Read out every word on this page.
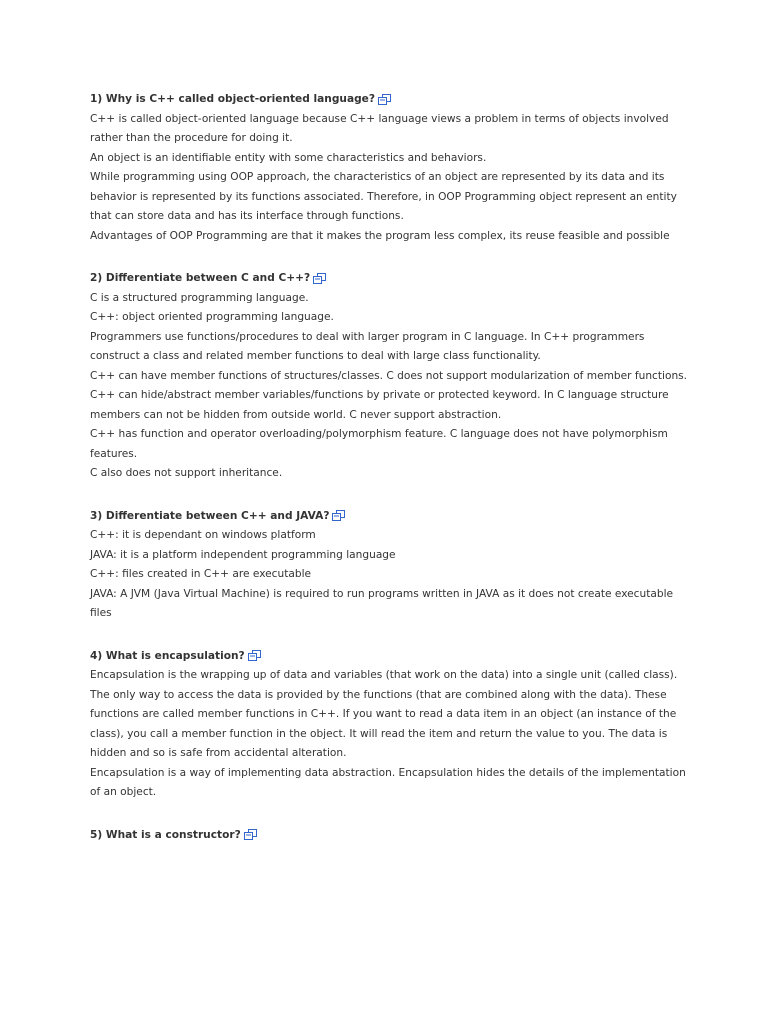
1) Why is C++ called object-oriented language?

C++ is called object-oriented language because C++ language views a problem in terms of objects involved rather than the procedure for doing it.

An object is an identifiable entity with some characteristics and behaviors.

While programming using OOP approach, the characteristics of an object are represented by its data and its behavior is represented by its functions associated. Therefore, in OOP Programming object represent an entity that can store data and has its interface through functions.

Advantages of OOP Programming are that it makes the program less complex, its reuse feasible and possible

2) Differentiate between C and C++?

C is a structured programming language.

C++: object oriented programming language.

Programmers use functions/procedures to deal with larger program in C language. In C++ programmers construct a class and related member functions to deal with large class functionality.

C++ can have member functions of structures/classes. C does not support modularization of member functions.

C++ can hide/abstract member variables/functions by private or protected keyword. In C language structure members can not be hidden from outside world. C never support abstraction.

C++ has function and operator overloading/polymorphism feature. C language does not have polymorphism features.

C also does not support inheritance.

3) Differentiate between C++ and JAVA?

C++: it is dependant on windows platform

JAVA: it is a platform independent programming language

C++: files created in C++ are executable

JAVA: A JVM (Java Virtual Machine) is required to run programs written in JAVA as it does not create executable files

4) What is encapsulation?

Encapsulation is the wrapping up of data and variables (that work on the data) into a single unit (called class).

The only way to access the data is provided by the functions (that are combined along with the data). These functions are called member functions in C++. If you want to read a data item in an object (an instance of the class), you call a member function in the object. It will read the item and return the value to you. The data is hidden and so is safe from accidental alteration.

Encapsulation is a way of implementing data abstraction. Encapsulation hides the details of the implementation of an object.

5) What is a constructor?
